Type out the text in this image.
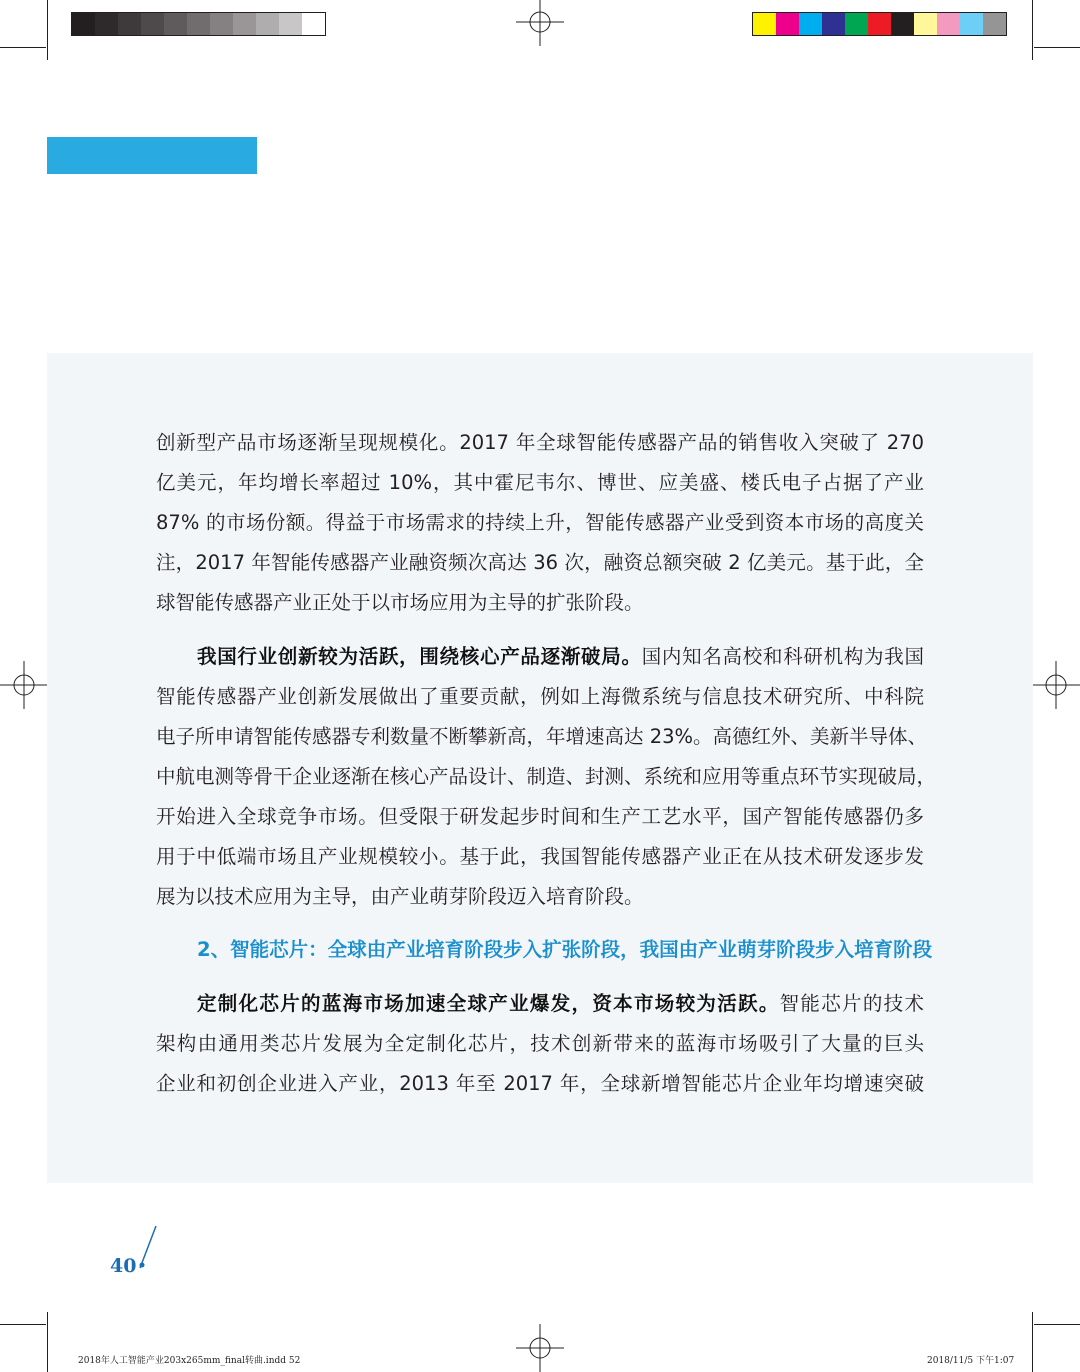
创新型产品市场逐渐呈现规模化。2017 年全球智能传感器产品的销售收入突破了 270
亿美元，年均增长率超过 10%，其中霍尼韦尔、博世、应美盛、楼氏电子占据了产业
87% 的市场份额。得益于市场需求的持续上升，智能传感器产业受到资本市场的高度关
注，2017 年智能传感器产业融资频次高达 36 次，融资总额突破 2 亿美元。基于此，全
球智能传感器产业正处于以市场应用为主导的扩张阶段。
我国行业创新较为活跃，围绕核心产品逐渐破局。国内知名高校和科研机构为我国
智能传感器产业创新发展做出了重要贡献，例如上海微系统与信息技术研究所、中科院
电子所申请智能传感器专利数量不断攀新高，年增速高达 23%。高德红外、美新半导体、
中航电测等骨干企业逐渐在核心产品设计、制造、封测、系统和应用等重点环节实现破局，
开始进入全球竞争市场。但受限于研发起步时间和生产工艺水平，国产智能传感器仍多
用于中低端市场且产业规模较小。基于此，我国智能传感器产业正在从技术研发逐步发
展为以技术应用为主导，由产业萌芽阶段迈入培育阶段。
2、智能芯片：全球由产业培育阶段步入扩张阶段，我国由产业萌芽阶段步入培育阶段
定制化芯片的蓝海市场加速全球产业爆发，资本市场较为活跃。智能芯片的技术
架构由通用类芯片发展为全定制化芯片，技术创新带来的蓝海市场吸引了大量的巨头
企业和初创企业进入产业，2013 年至 2017 年，全球新增智能芯片企业年均增速突破
40
2018年人工智能产业203x265mm_final转曲.indd 52	2018/11/5 下午1:07
